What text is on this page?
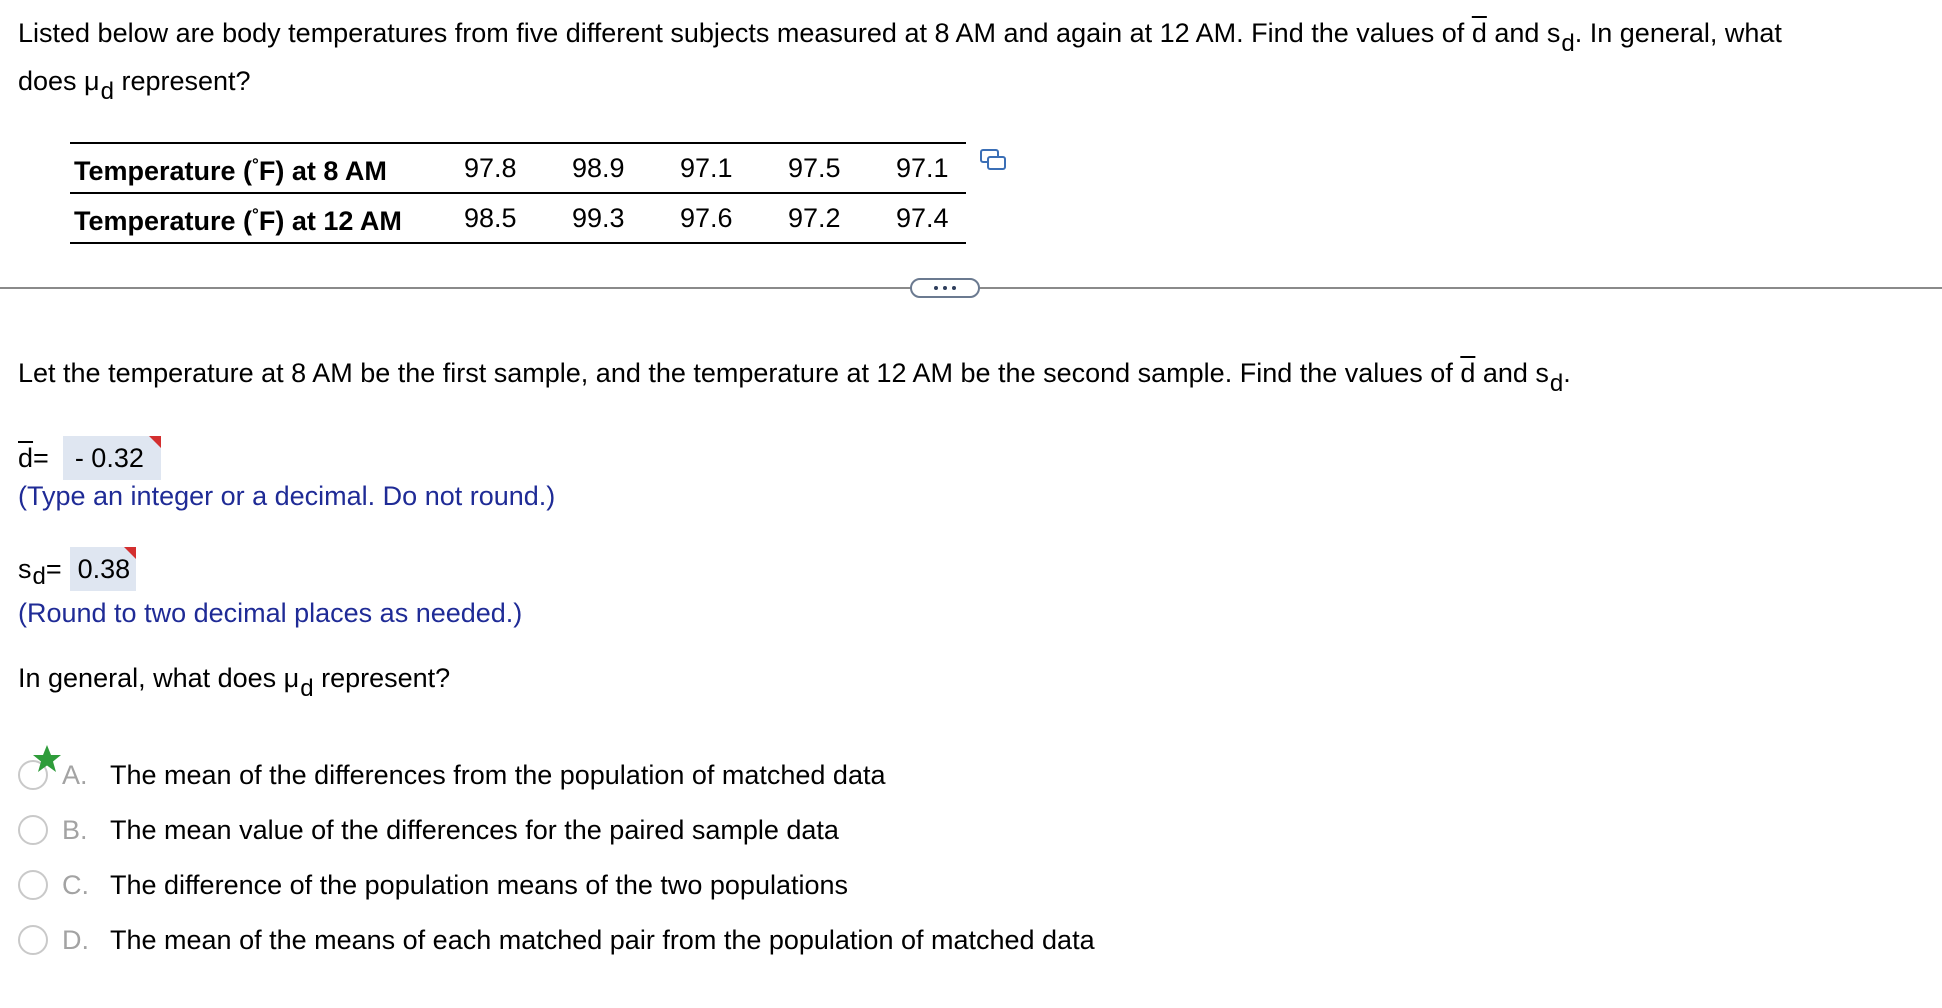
Listed below are body temperatures from five different subjects measured at 8 AM and again at 12 AM. Find the values of $\overline{d}$ and sd. In general, what
does μd represent?
Temperature (°F) at 8 AM	97.8	98.9	97.1	97.5	97.1
Temperature (°F) at 12 AM	98.5	99.3	97.6	97.2	97.4
Let the temperature at 8 AM be the first sample, and the temperature at 12 AM be the second sample. Find the values of $\overline{d}$ and sd.
$\overline{d}$ = - 0.32
(Type an integer or a decimal. Do not round.)
s d = 0.38
(Round to two decimal places as needed.)
In general, what does μd represent?
A. The mean of the differences from the population of matched data
B. The mean value of the differences for the paired sample data
C. The difference of the population means of the two populations
D. The mean of the means of each matched pair from the population of matched data
